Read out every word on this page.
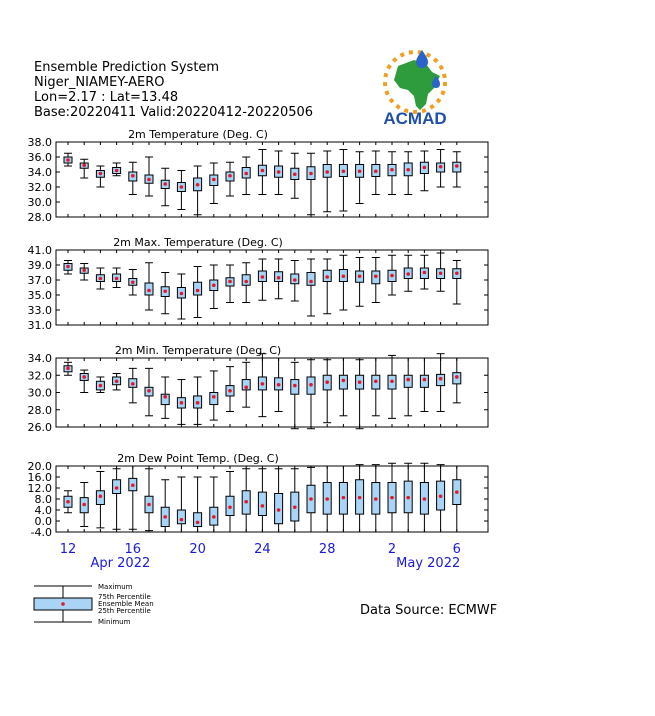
Ensemble Prediction System
Niger_NIAMEY-AERO
Lon=2.17 : Lat=13.48
Base:20220411 Valid:20220412-20220506	ACMAD
2m Temperature (Deg. C)
38.0
36.0
34.0
32.0
30.0
28.0
2m Max. Temperature (Deg. C)
41.0
39.0
37.0
35.0
33.0
31.0
2m Min. Temperature (Deg. C)
34.0
32.0
30.0
28.0
26.0
2m Dew Point Temp. (Deg. C)
20.0
16.0
12.0
8.0
4.0
0.0
-4.0
12	16	20	24	28	2	6
Apr 2022	May 2022
Maximum
75th Percentile
Ensemble Mean
25th Percentile
Minimum
Data Source: ECMWF
